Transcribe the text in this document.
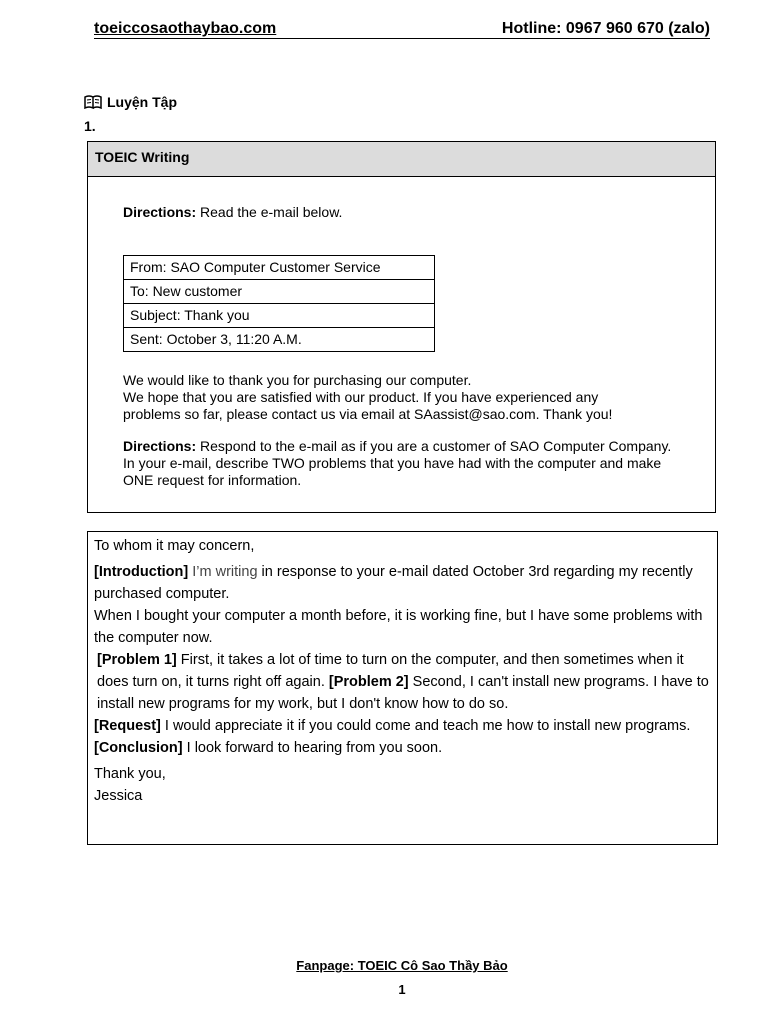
toeiccosaothaybao.com	Hotline: 0967 960 670 (zalo)
Luyện Tập
1.
TOEIC Writing
Directions: Read the e-mail below.
From: SAO Computer Customer Service
To: New customer
Subject: Thank you
Sent: October 3, 11:20 A.M.
We would like to thank you for purchasing our computer.
We hope that you are satisfied with our product. If you have experienced any
problems so far, please contact us via email at SAassist@sao.com. Thank you!
Directions: Respond to the e-mail as if you are a customer of SAO Computer Company. In your e-mail, describe TWO problems that you have had with the computer and make ONE request for information.

To whom it may concern,

[Introduction] I’m writing in response to your e-mail dated October 3rd regarding my recently purchased computer.

When I bought your computer a month before, it is working fine, but I have some problems with the computer now.

[Problem 1] First, it takes a lot of time to turn on the computer, and then sometimes when it does turn on, it turns right off again. [Problem 2] Second, I can't install new programs. I have to install new programs for my work, but I don't know how to do so.

[Request] I would appreciate it if you could come and teach me how to install new programs.

[Conclusion] I look forward to hearing from you soon.

Thank you,

Jessica

Fanpage: TOEIC Cô Sao Thầy Bảo
1
